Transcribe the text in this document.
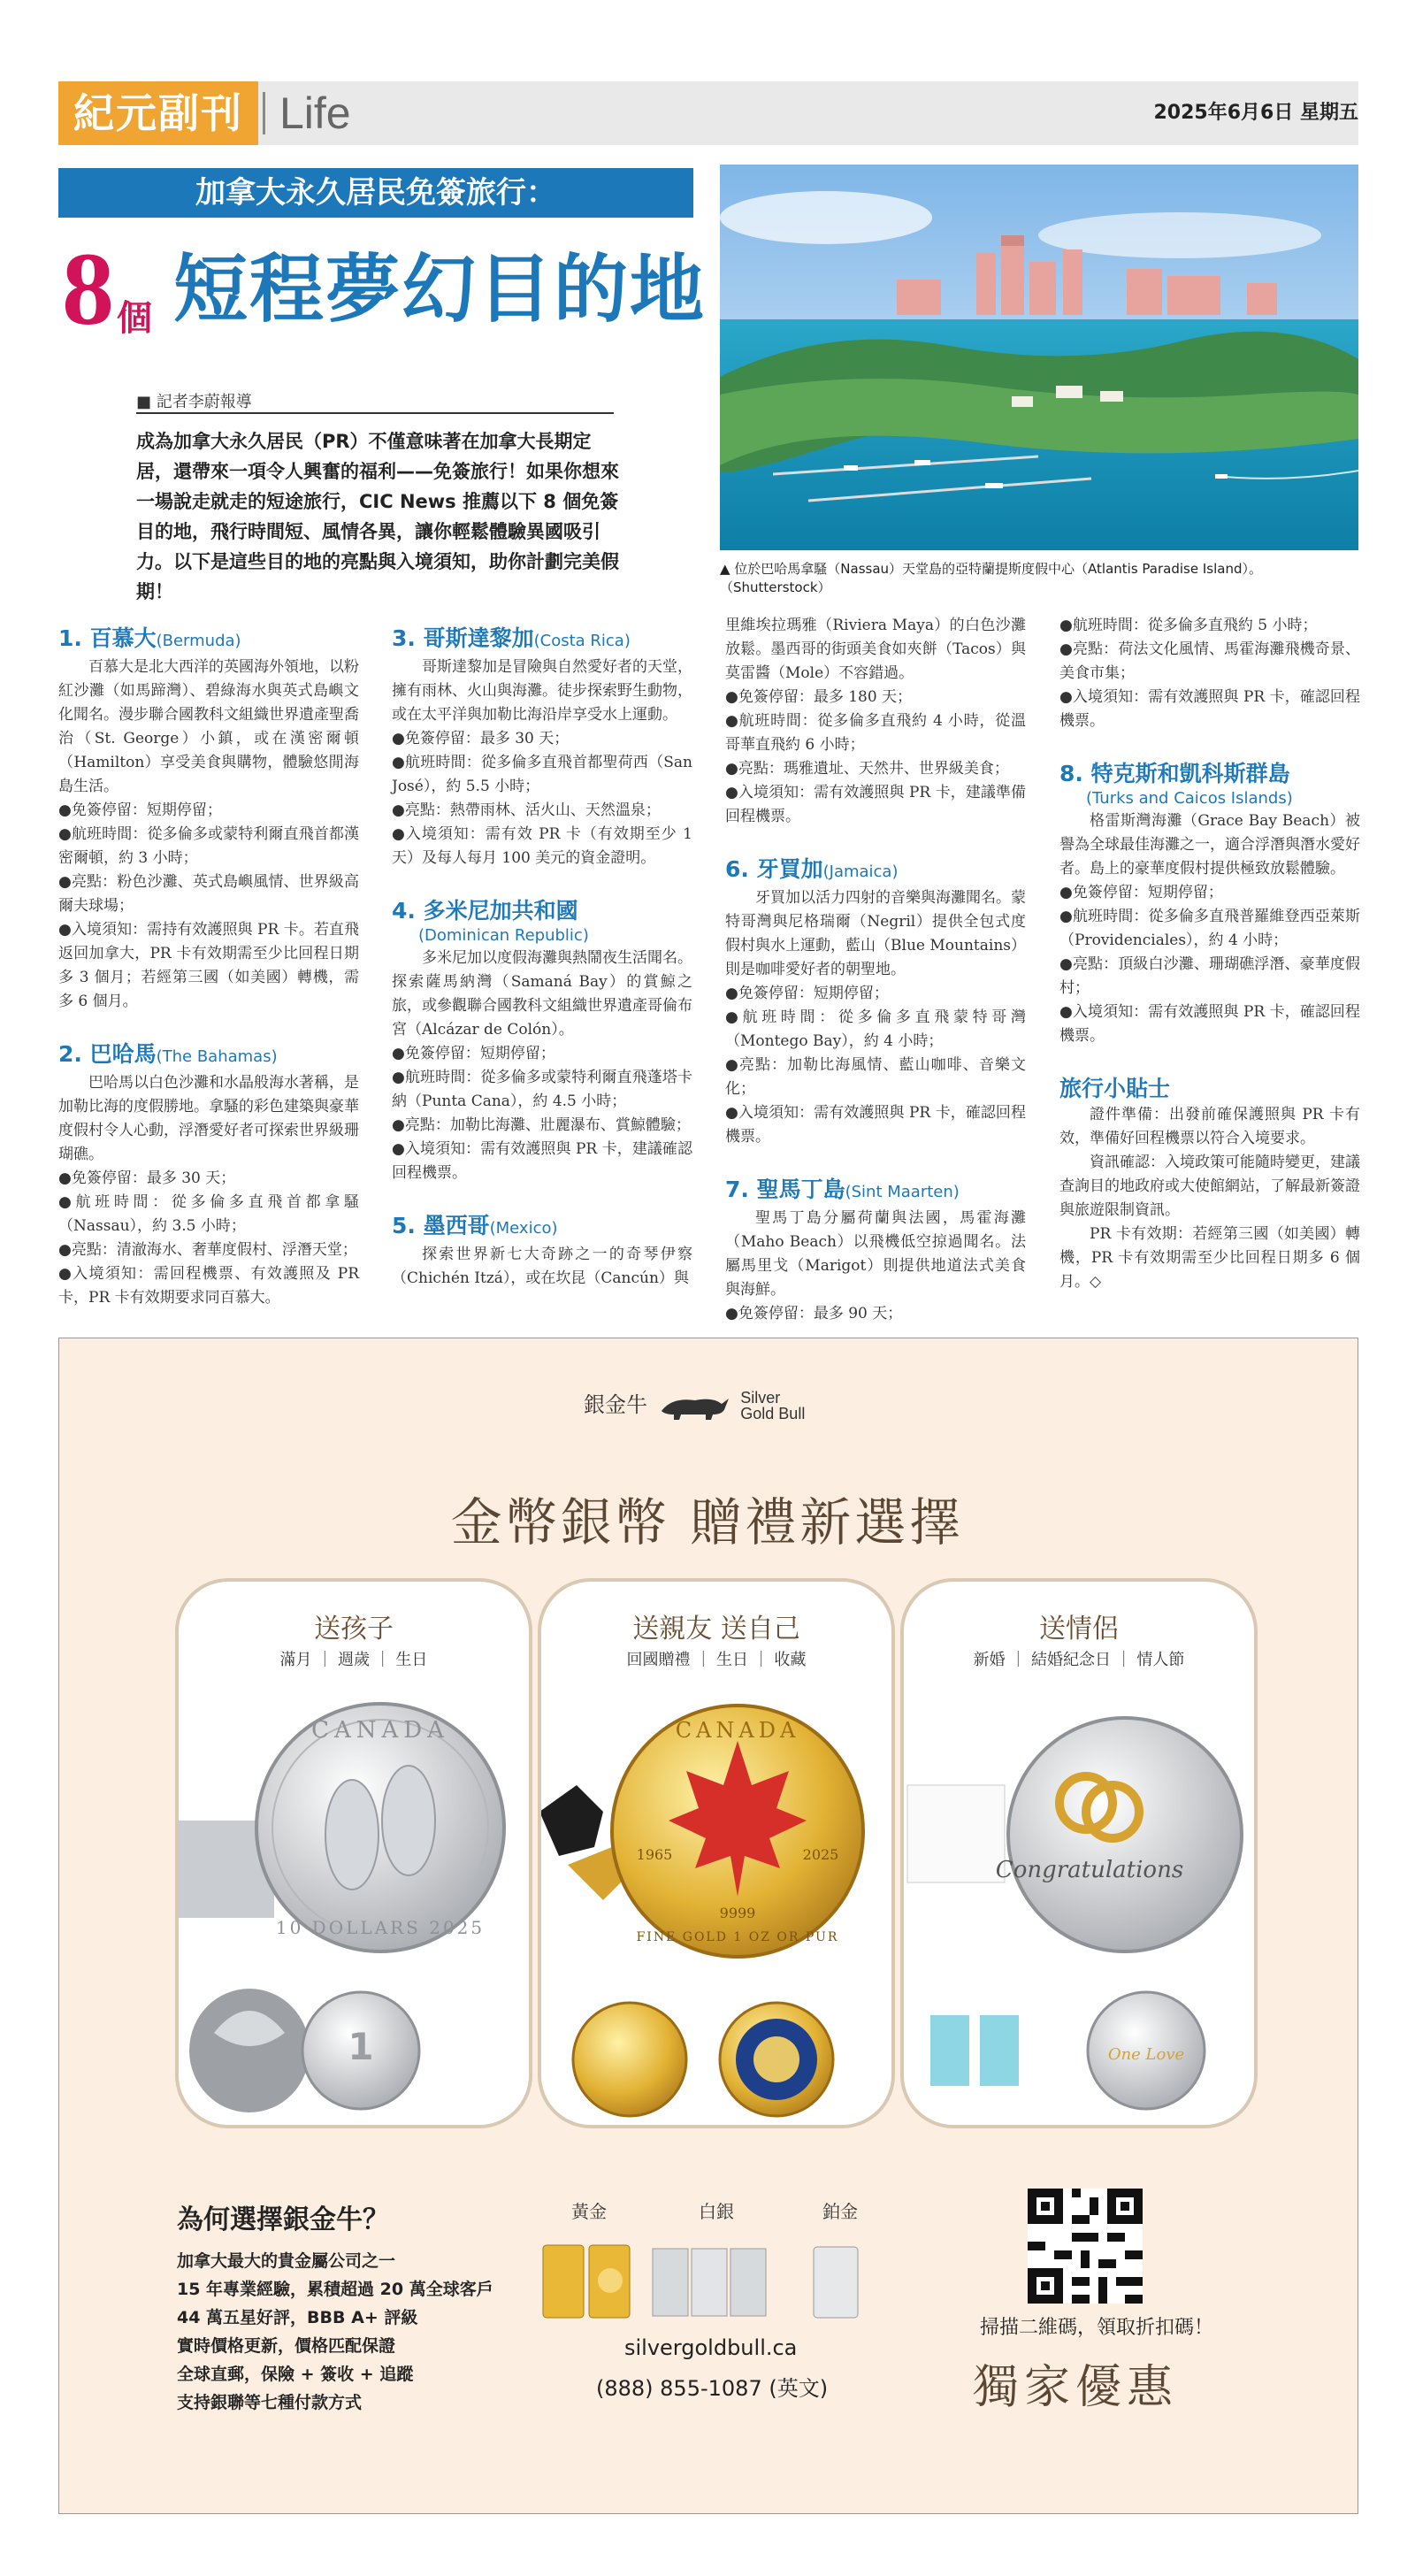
紀元副刊 Life	2025年6月6日 星期五
加拿大永久居民免簽旅行：
8 個 短程夢幻目的地
■ 記者李蔚報導
成為加拿大永久居民（PR）不僅意味著在加拿大長期定居，還帶來一項令人興奮的福利——免簽旅行！如果你想來一場說走就走的短途旅行，CIC News 推薦以下 8 個免簽目的地，飛行時間短、風情各異，讓你輕鬆體驗異國吸引力。以下是這些目的地的亮點與入境須知，助你計劃完美假期！
▲ 位於巴哈馬拿騷（Nassau）天堂島的亞特蘭提斯度假中心（Atlantis Paradise Island）。（Shutterstock）
1. 百慕大(Bermuda)

百慕大是北大西洋的英國海外領地，以粉紅沙灘（如馬蹄灣）、碧綠海水與英式島嶼文化聞名。漫步聯合國教科文組織世界遺產聖喬治（St. George）小鎮，或在漢密爾頓（Hamilton）享受美食與購物，體驗悠閒海島生活。

●免簽停留：短期停留；

●航班時間：從多倫多或蒙特利爾直飛首都漢密爾頓，約 3 小時；

●亮點：粉色沙灘、英式島嶼風情、世界級高爾夫球場；

●入境須知：需持有效護照與 PR 卡。若直飛返回加拿大，PR 卡有效期需至少比回程日期多 3 個月；若經第三國（如美國）轉機，需多 6 個月。

2. 巴哈馬(The Bahamas)

巴哈馬以白色沙灘和水晶般海水著稱，是加勒比海的度假勝地。拿騷的彩色建築與豪華度假村令人心動，浮潛愛好者可探索世界級珊瑚礁。

●免簽停留：最多 30 天；

●航班時間：從多倫多直飛首都拿騷（Nassau），約 3.5 小時；

●亮點：清澈海水、奢華度假村、浮潛天堂；

●入境須知：需回程機票、有效護照及 PR 卡，PR 卡有效期要求同百慕大。

3. 哥斯達黎加(Costa Rica)

哥斯達黎加是冒險與自然愛好者的天堂，擁有雨林、火山與海灘。徒步探索野生動物，或在太平洋與加勒比海沿岸享受水上運動。

●免簽停留：最多 30 天；

●航班時間：從多倫多直飛首都聖荷西（San José），約 5.5 小時；

●亮點：熱帶雨林、活火山、天然溫泉；

●入境須知：需有效 PR 卡（有效期至少 1 天）及每人每月 100 美元的資金證明。

4. 多米尼加共和國
(Dominican Republic)

多米尼加以度假海灘與熱鬧夜生活聞名。探索薩馬納灣（Samaná Bay）的賞鯨之旅，或參觀聯合國教科文組織世界遺產哥倫布宮（Alcázar de Colón）。

●免簽停留：短期停留；

●航班時間：從多倫多或蒙特利爾直飛蓬塔卡納（Punta Cana），約 4.5 小時；

●亮點：加勒比海灘、壯麗瀑布、賞鯨體驗；

●入境須知：需有效護照與 PR 卡，建議確認回程機票。

5. 墨西哥(Mexico)

探索世界新七大奇跡之一的奇琴伊察（Chichén Itzá），或在坎昆（Cancún）與

里維埃拉瑪雅（Riviera Maya）的白色沙灘放鬆。墨西哥的街頭美食如夾餅（Tacos）與莫雷醬（Mole）不容錯過。

●免簽停留：最多 180 天；

●航班時間：從多倫多直飛約 4 小時，從溫哥華直飛約 6 小時；

●亮點：瑪雅遺址、天然井、世界級美食；

●入境須知：需有效護照與 PR 卡，建議準備回程機票。

6. 牙買加(Jamaica)

牙買加以活力四射的音樂與海灘聞名。蒙特哥灣與尼格瑞爾（Negril）提供全包式度假村與水上運動，藍山（Blue Mountains）則是咖啡愛好者的朝聖地。

●免簽停留：短期停留；

●航班時間：從多倫多直飛蒙特哥灣（Montego Bay），約 4 小時；

●亮點：加勒比海風情、藍山咖啡、音樂文化；

●入境須知：需有效護照與 PR 卡，確認回程機票。

7. 聖馬丁島(Sint Maarten)

聖馬丁島分屬荷蘭與法國，馬霍海灘（Maho Beach）以飛機低空掠過聞名。法屬馬里戈（Marigot）則提供地道法式美食與海鮮。

●免簽停留：最多 90 天；

●航班時間：從多倫多直飛約 5 小時；

●亮點：荷法文化風情、馬霍海灘飛機奇景、美食市集；

●入境須知：需有效護照與 PR 卡，確認回程機票。

8. 特克斯和凱科斯群島
(Turks and Caicos Islands)

格雷斯灣海灘（Grace Bay Beach）被譽為全球最佳海灘之一，適合浮潛與潛水愛好者。島上的豪華度假村提供極致放鬆體驗。

●免簽停留：短期停留；

●航班時間：從多倫多直飛普羅維登西亞萊斯（Providenciales），約 4 小時；

●亮點：頂級白沙灘、珊瑚礁浮潛、豪華度假村；

●入境須知：需有效護照與 PR 卡，確認回程機票。

旅行小貼士

證件準備：出發前確保護照與 PR 卡有效，準備好回程機票以符合入境要求。

資訊確認：入境政策可能隨時變更，建議查詢目的地政府或大使館網站，了解最新簽證與旅遊限制資訊。

PR 卡有效期：若經第三國（如美國）轉機，PR 卡有效期需至少比回程日期多 6 個月。◇

銀金牛	Silver
Gold Bull
金幣銀幣 贈禮新選擇
送孩子
滿月 ｜ 週歲 ｜ 生日
CANADA
10 DOLLARS 2025
1
送親友 送自己
回國贈禮 ｜ 生日 ｜ 收藏
CANADA
1965	2025
9999
FINE GOLD 1 OZ OR PUR
送情侶
新婚 ｜ 結婚紀念日 ｜ 情人節
Congratulations
One Love
為何選擇銀金牛？
加拿大最大的貴金屬公司之一
15 年專業經驗，累積超過 20 萬全球客戶
44 萬五星好評，BBB A+ 評級
實時價格更新，價格匹配保證
全球直郵，保險 + 簽收 + 追蹤
支持銀聯等七種付款方式
黃金	白銀	鉑金
silvergoldbull.ca
(888) 855-1087 (英文)
掃描二維碼，領取折扣碼！
獨家優惠
